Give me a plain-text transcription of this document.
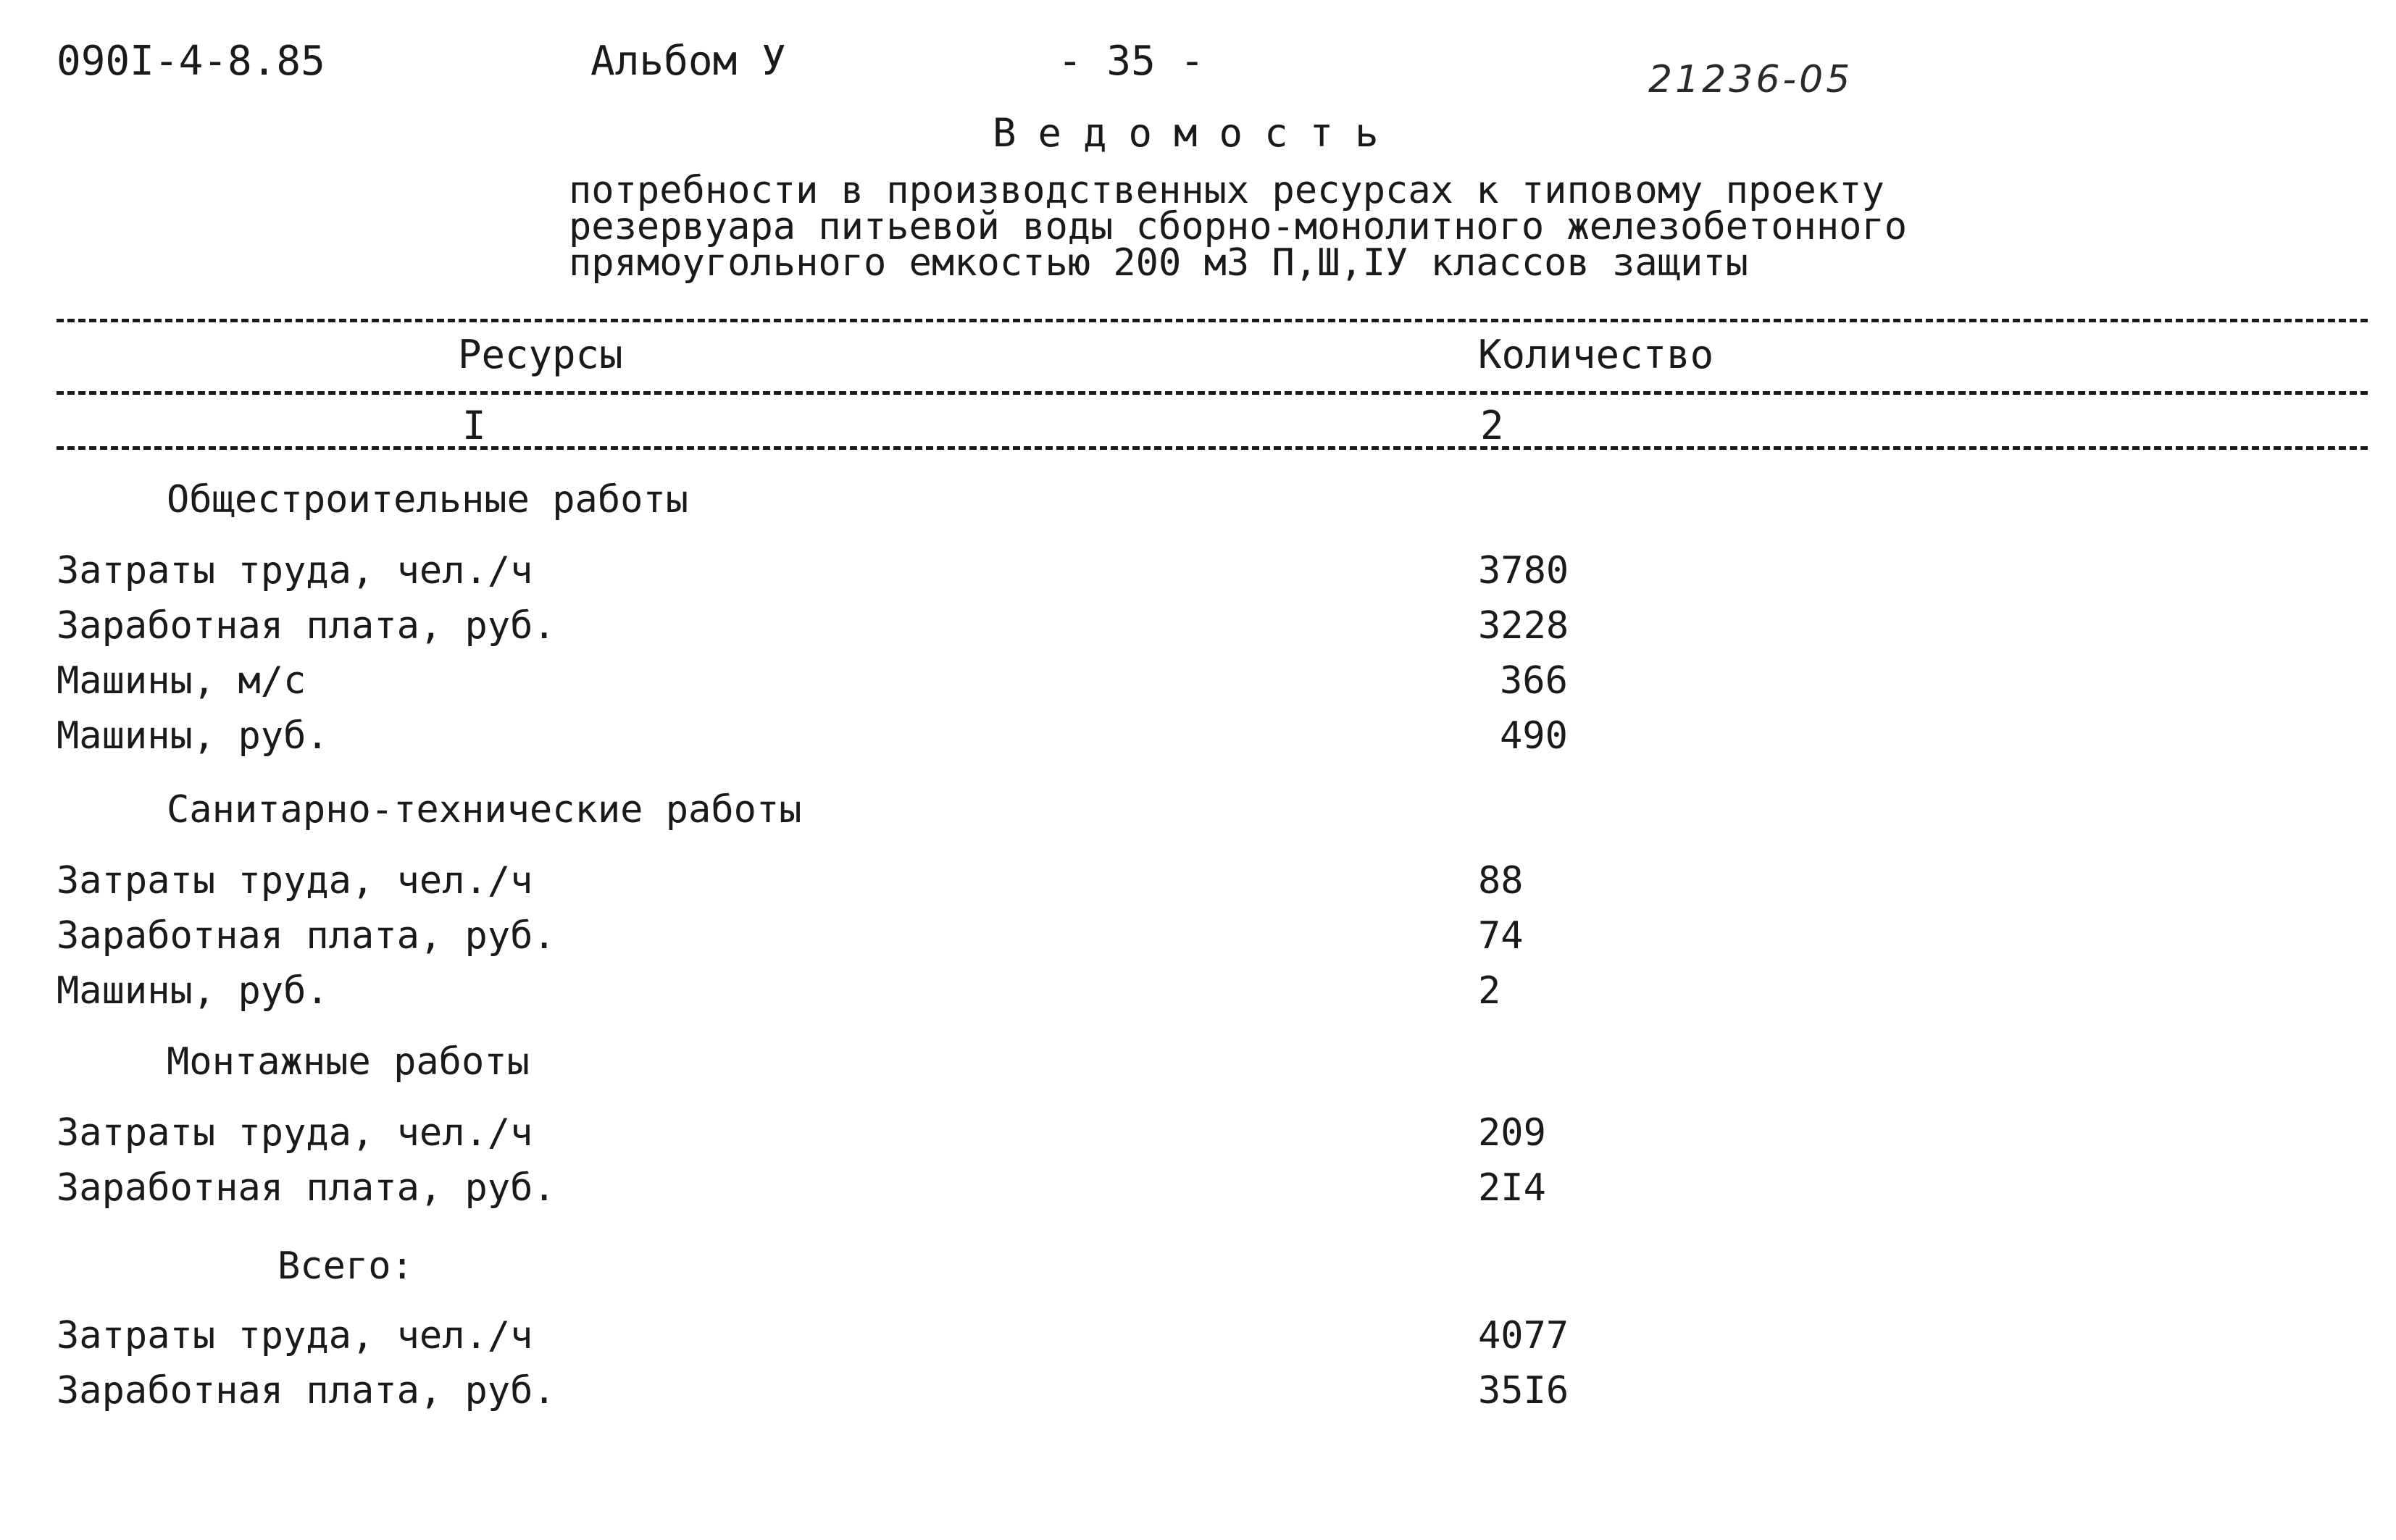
090I-4-8.85	Альбом У	- 35 -	21236-05
Ведомость
потребности в производственных ресурсах к типовому проекту
резервуара питьевой воды сборно-монолитного железобетонного
прямоугольного емкостью 200 м3 П,Ш,IУ классов защиты
Ресурсы	Количество
I	2
Общестроительные работы
Затраты труда, чел./ч	3780
Заработная плата, руб.	3228
Машины, м/с	366
Машины, руб.	490
Санитарно-технические работы
Затраты труда, чел./ч	88
Заработная плата, руб.	74
Машины, руб.	2
Монтажные работы
Затраты труда, чел./ч	209
Заработная плата, руб.	2I4
Всего:
Затраты труда, чел./ч	4077
Заработная плата, руб.	35I6
